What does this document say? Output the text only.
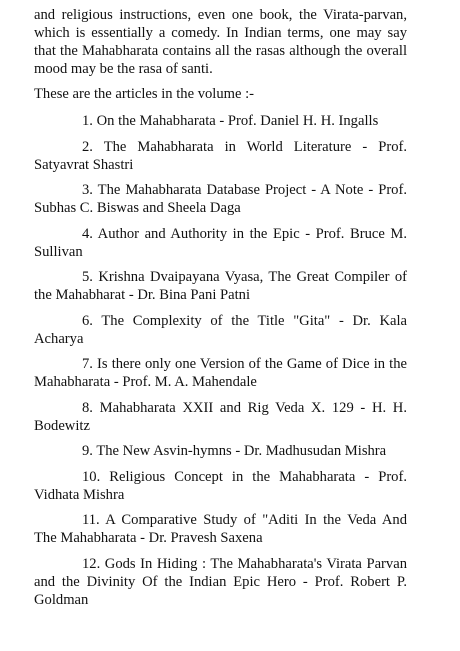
and religious instructions, even one book, the Virata-parvan, which is essentially a comedy. In Indian terms, one may say that the Mahabharata contains all the rasas although the overall mood may be the rasa of santi.

These are the articles in the volume :-

1. On the Mahabharata - Prof. Daniel H. H. Ingalls
2. The Mahabharata in World Literature - Prof. Satyavrat Shastri
3. The Mahabharata Database Project - A Note - Prof. Subhas C. Biswas and Sheela Daga
4. Author and Authority in the Epic - Prof. Bruce M. Sullivan
5. Krishna Dvaipayana Vyasa, The Great Compiler of the Mahabharat - Dr. Bina Pani Patni
6. The Complexity of the Title "Gita" - Dr. Kala Acharya
7. Is there only one Version of the Game of Dice in the Mahabharata - Prof. M. A. Mahendale
8. Mahabharata XXII and Rig Veda X. 129 - H. H. Bodewitz
9. The New Asvin-hymns - Dr. Madhusudan Mishra
10. Religious Concept in the Mahabharata - Prof. Vidhata Mishra
11. A Comparative Study of "Aditi In the Veda And The Mahabharata - Dr. Pravesh Saxena
12. Gods In Hiding : The Mahabharata's Virata Parvan and the Divinity Of the Indian Epic Hero - Prof. Robert P. Goldman
